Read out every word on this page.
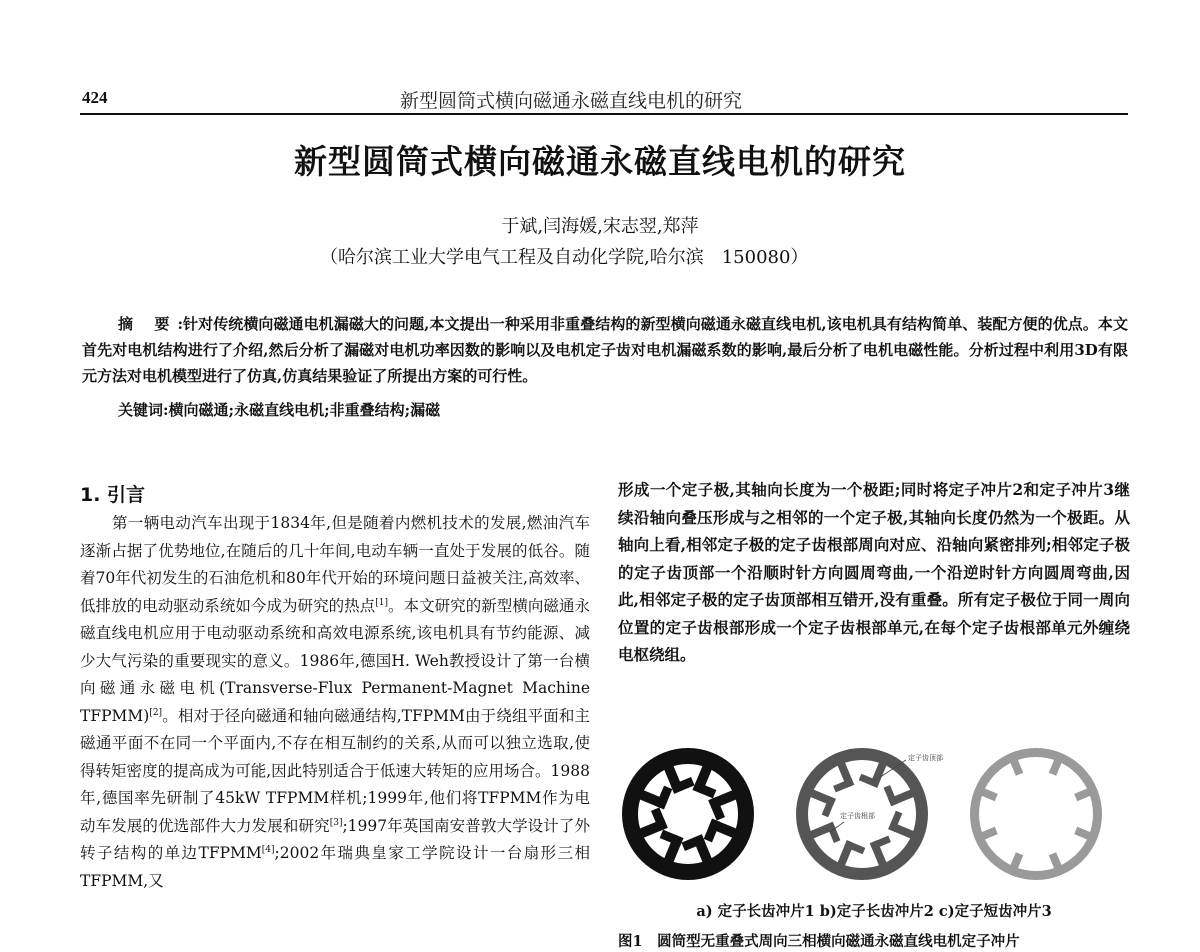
424	新型圆筒式横向磁通永磁直线电机的研究
新型圆筒式横向磁通永磁直线电机的研究
于斌,闫海媛,宋志翌,郑萍
（哈尔滨工业大学电气工程及自动化学院,哈尔滨　150080）
摘 要:针对传统横向磁通电机漏磁大的问题,本文提出一种采用非重叠结构的新型横向磁通永磁直线电机,该电机具有结构简单、装配方便的优点。本文首先对电机结构进行了介绍,然后分析了漏磁对电机功率因数的影响以及电机定子齿对电机漏磁系数的影响,最后分析了电机电磁性能。分析过程中利用3D有限元方法对电机模型进行了仿真,仿真结果验证了所提出方案的可行性。
关键词:横向磁通;永磁直线电机;非重叠结构;漏磁
1. 引言
第一辆电动汽车出现于1834年,但是随着内燃机技术的发展,燃油汽车逐渐占据了优势地位,在随后的几十年间,电动车辆一直处于发展的低谷。随着70年代初发生的石油危机和80年代开始的环境问题日益被关注,高效率、低排放的电动驱动系统如今成为研究的热点[1]。本文研究的新型横向磁通永磁直线电机应用于电动驱动系统和高效电源系统,该电机具有节约能源、减少大气污染的重要现实的意义。1986年,德国H. Weh教授设计了第一台横向磁通永磁电机(Transverse-Flux Permanent-Magnet Machine TFPMM)[2]。相对于径向磁通和轴向磁通结构,TFPMM由于绕组平面和主磁通平面不在同一个平面内,不存在相互制约的关系,从而可以独立选取,使得转矩密度的提高成为可能,因此特别适合于低速大转矩的应用场合。1988年,德国率先研制了45kW TFPMM样机;1999年,他们将TFPMM作为电动车发展的优选部件大力发展和研究[3];1997年英国南安普敦大学设计了外转子结构的单边TFPMM[4];2002年瑞典皇家工学院设计一台扇形三相TFPMM,又
形成一个定子极,其轴向长度为一个极距;同时将定子冲片2和定子冲片3继续沿轴向叠压形成与之相邻的一个定子极,其轴向长度仍然为一个极距。从轴向上看,相邻定子极的定子齿根部周向对应、沿轴向紧密排列;相邻定子极的定子齿顶部一个沿顺时针方向圆周弯曲,一个沿逆时针方向圆周弯曲,因此,相邻定子极的定子齿顶部相互错开,没有重叠。所有定子极位于同一周向位置的定子齿根部形成一个定子齿根部单元,在每个定子齿根部单元外缠绕电枢绕组。
定子齿顶部
定子齿根部
a) 定子长齿冲片1 b)定子长齿冲片2 c)定子短齿冲片3
图1　圆筒型无重叠式周向三相横向磁通永磁直线电机定子冲片
